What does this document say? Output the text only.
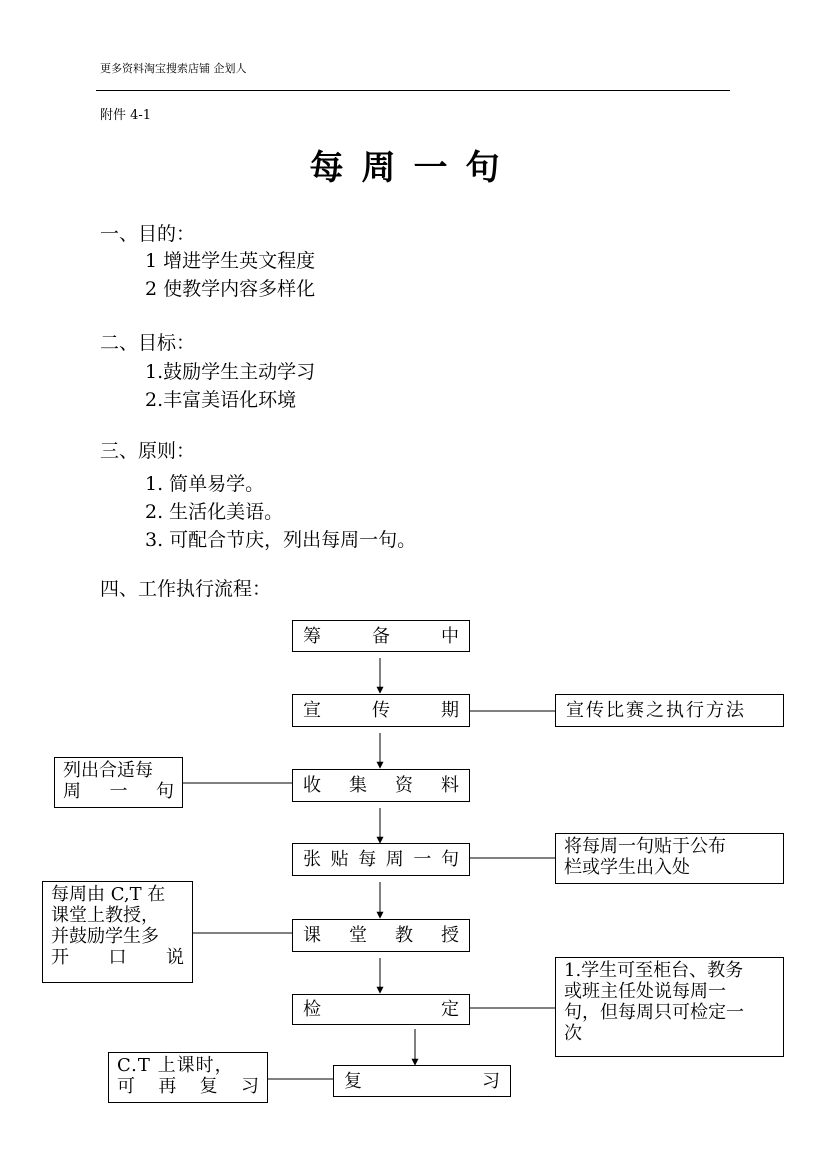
更多资料淘宝搜索店铺 企划人
附件 4-1
每周一句
一、目的：
1 增进学生英文程度
2 使教学内容多样化
二、目标：
1.鼓励学生主动学习
2.丰富美语化环境
三、原则：
1. 简单易学。
2. 生活化美语。
3. 可配合节庆，列出每周一句。
四、工作执行流程：
筹	备	中
宣	传	期
收 集 资 料
张 贴 每 周 一 句
课 堂 教 授
检	定
复	习
宣传比赛之执行方法
列出合适每
周 一 句
将每周一句贴于公布
栏或学生出入处
每周由 C,T 在
课堂上教授，
并鼓励学生多
开 口 说
1.学生可至柜台、教务
或班主任处说每周一
句，但每周只可检定一
次
C.T 上课时，
可 再 复 习
